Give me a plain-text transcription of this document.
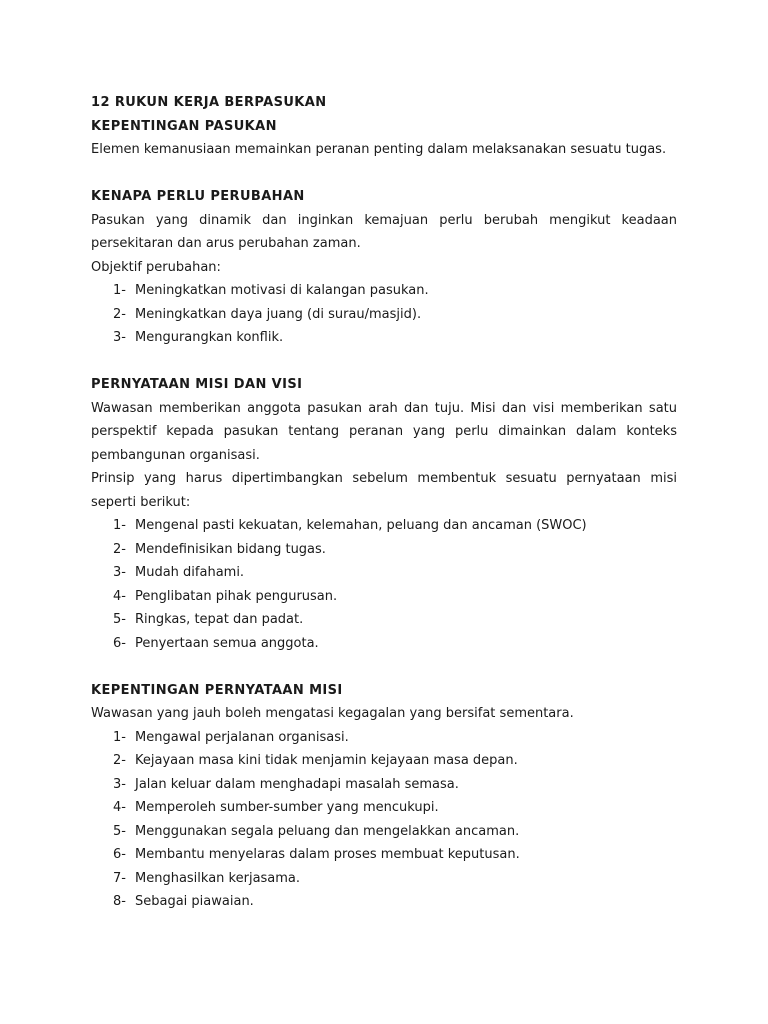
12 RUKUN KERJA BERPASUKAN
KEPENTINGAN PASUKAN
Elemen kemanusiaan memainkan peranan penting dalam melaksanakan sesuatu tugas.
KENAPA PERLU PERUBAHAN
Pasukan yang dinamik dan inginkan kemajuan perlu berubah mengikut keadaan
persekitaran dan arus perubahan zaman.
Objektif perubahan:
1- Meningkatkan motivasi di kalangan pasukan.
2- Meningkatkan daya juang (di surau/masjid).
3- Mengurangkan konflik.
PERNYATAAN MISI DAN VISI
Wawasan memberikan anggota pasukan arah dan tuju. Misi dan visi memberikan satu
perspektif kepada pasukan tentang peranan yang perlu dimainkan dalam konteks
pembangunan organisasi.
Prinsip yang harus dipertimbangkan sebelum membentuk sesuatu pernyataan misi
seperti berikut:
1- Mengenal pasti kekuatan, kelemahan, peluang dan ancaman (SWOC)
2- Mendefinisikan bidang tugas.
3- Mudah difahami.
4- Penglibatan pihak pengurusan.
5- Ringkas, tepat dan padat.
6- Penyertaan semua anggota.
KEPENTINGAN PERNYATAAN MISI
Wawasan yang jauh boleh mengatasi kegagalan yang bersifat sementara.
1- Mengawal perjalanan organisasi.
2- Kejayaan masa kini tidak menjamin kejayaan masa depan.
3- Jalan keluar dalam menghadapi masalah semasa.
4- Memperoleh sumber-sumber yang mencukupi.
5- Menggunakan segala peluang dan mengelakkan ancaman.
6- Membantu menyelaras dalam proses membuat keputusan.
7- Menghasilkan kerjasama.
8- Sebagai piawaian.
